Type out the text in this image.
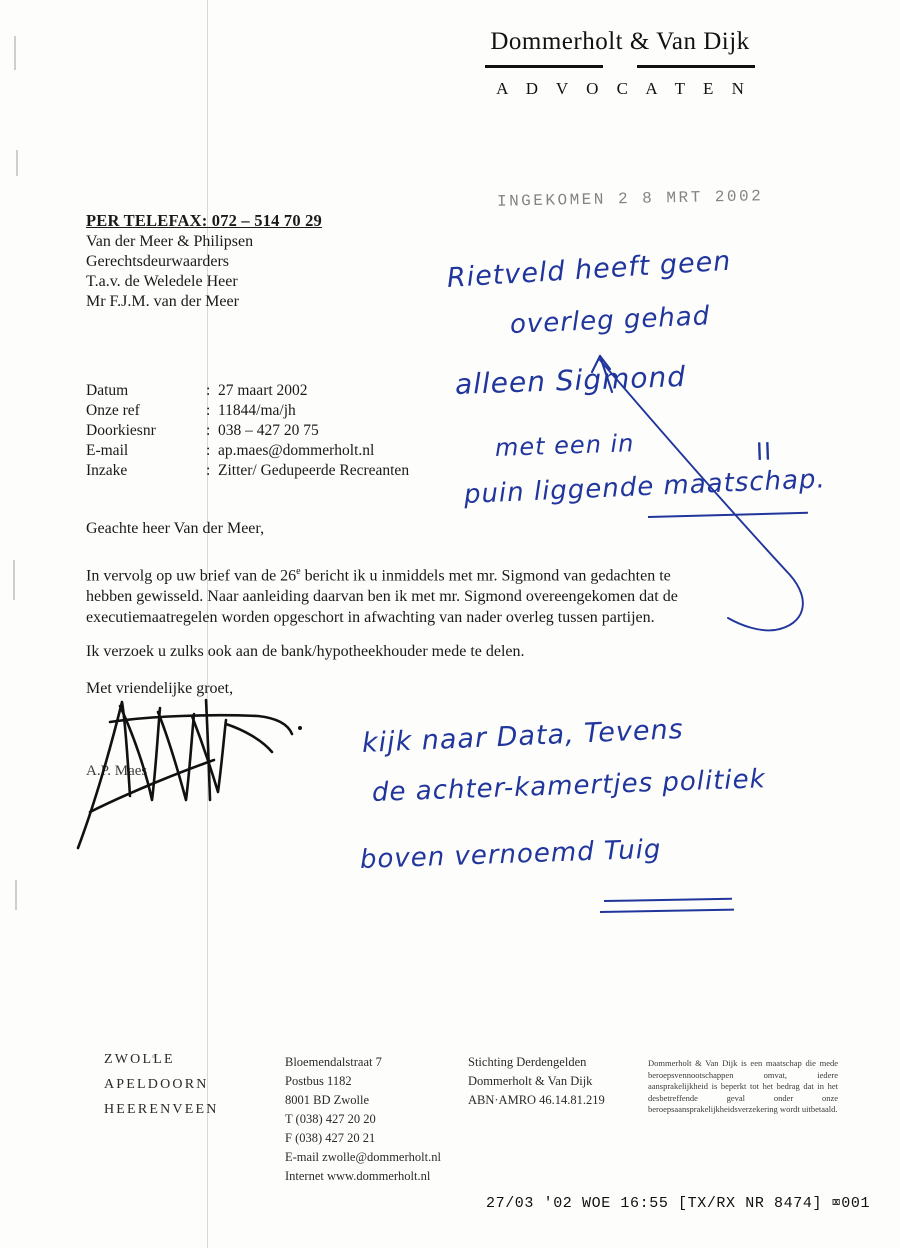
Dommerholt & Van Dijk
A D V O C A T E N
INGEKOMEN 2 8 MRT 2002
PER TELEFAX: 072 – 514 70 29
Van der Meer & Philipsen
Gerechtsdeurwaarders
T.a.v. de Weledele Heer
Mr F.J.M. van der Meer
Datum	:	27 maart 2002
Onze ref	:	11844/ma/jh
Doorkiesnr	:	038 – 427 20 75
E-mail	:	ap.maes@dommerholt.nl
Inzake	:	Zitter/ Gedupeerde Recreanten
Geachte heer Van der Meer,
In vervolg op uw brief van de 26e bericht ik u inmiddels met mr. Sigmond van gedachten te hebben gewisseld. Naar aanleiding daarvan ben ik met mr. Sigmond overeengekomen dat de executiemaatregelen worden opgeschort in afwachting van nader overleg tussen partijen.
Ik verzoek u zulks ook aan de bank/hypotheekhouder mede te delen.
Met vriendelijke groet,
A.P. Maes
Rietveld heeft geen
overleg gehad
alleen Sigmond
met een in
puin liggende maatschap.
II
kijk naar Data, Tevens
de achter-kamertjes politiek
boven vernoemd Tuig
ZWOLLE
APELDOORN
HEERENVEEN
Bloemendalstraat 7
Postbus 1182
8001 BD Zwolle
T (038) 427 20 20
F (038) 427 20 21
E-mail zwolle@dommerholt.nl
Internet www.dommerholt.nl
Stichting Derdengelden
Dommerholt & Van Dijk
ABN·AMRO 46.14.81.219
Dommerholt & Van Dijk is een maatschap die mede beroepsvennootschappen omvat, iedere aansprakelijkheid is beperkt tot het bedrag dat in het desbetreffende geval onder onze beroepsaansprakelijkheidsverzekering wordt uitbetaald.
27/03 '02 WOE 16:55 [TX/RX NR 8474] ⌧001
